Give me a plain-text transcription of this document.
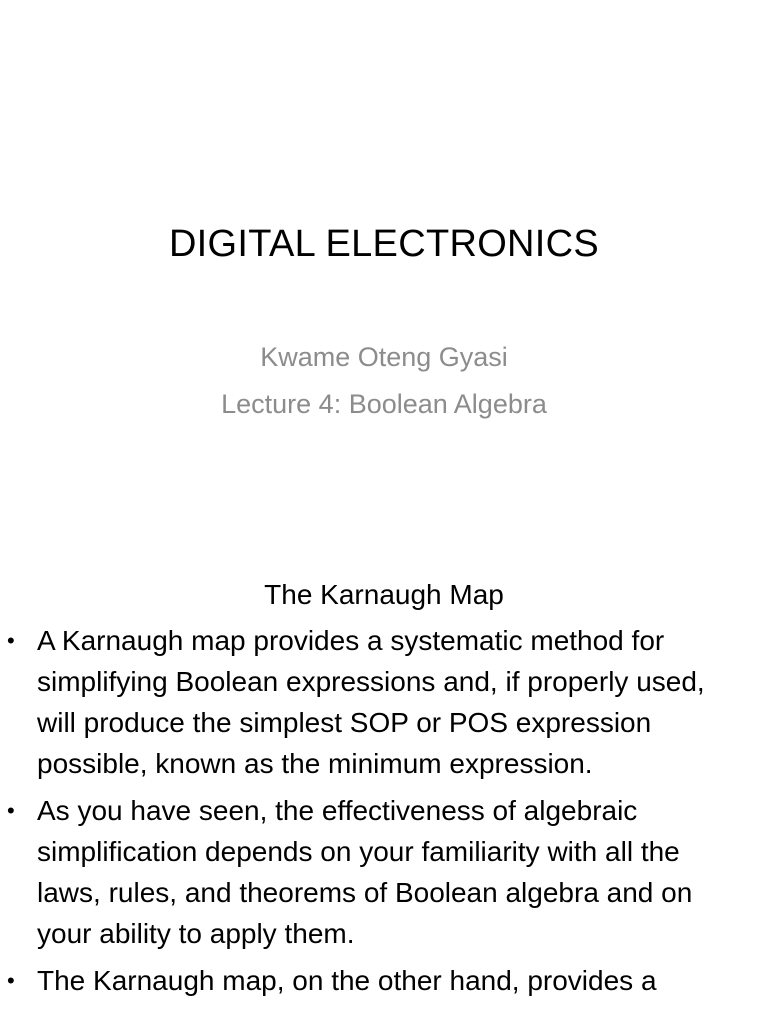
DIGITAL ELECTRONICS
Kwame Oteng Gyasi
Lecture 4: Boolean Algebra
The Karnaugh Map
• A Karnaugh map provides a systematic method for simplifying Boolean expressions and, if properly used, will produce the simplest SOP or POS expression possible, known as the minimum expression.
• As you have seen, the effectiveness of algebraic simplification depends on your familiarity with all the laws, rules, and theorems of Boolean algebra and on your ability to apply them.
• The Karnaugh map, on the other hand, provides a
